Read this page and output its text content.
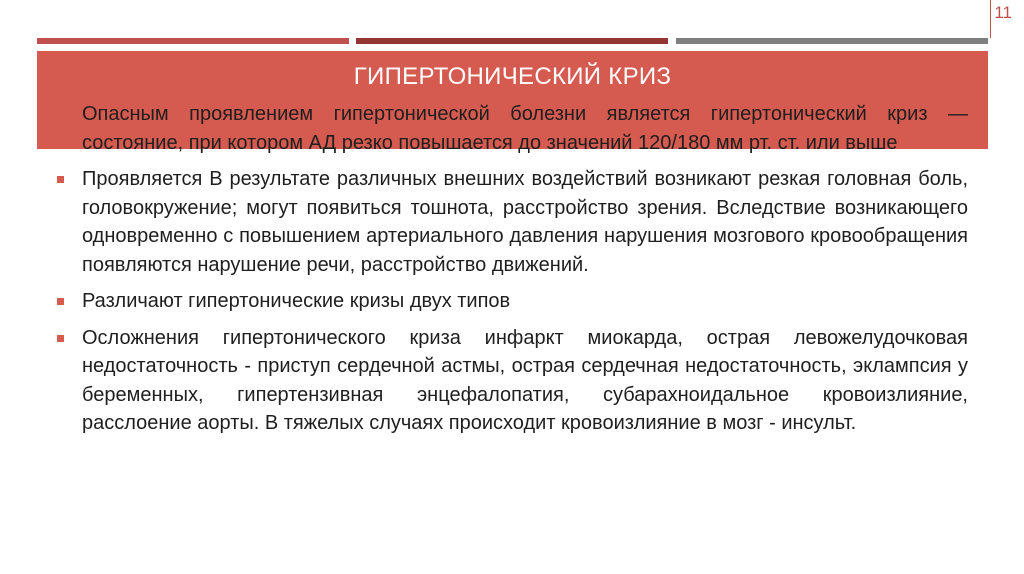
11
ГИПЕРТОНИЧЕСКИЙ КРИЗ
Опасным проявлением гипертонической болезни является гипертонический криз — состояние, при котором АД резко повышается до значений 120/180 мм рт. ст. или выше
Проявляется В результате различных внешних воздействий возникают резкая головная боль, головокружение; могут появиться тошнота, расстройство зрения. Вследствие возникающего одновременно с повышением артериального давления нарушения мозгового кровообращения появляются нарушение речи, расстройство движений.
Различают гипертонические кризы двух типов
Осложнения гипертонического криза инфаркт миокарда, острая левожелудочковая недостаточность - приступ сердечной астмы, острая сердечная недостаточность, эклампсия у беременных, гипертензивная энцефалопатия, субарахноидальное кровоизлияние, расслоение аорты. В тяжелых случаях происходит кровоизлияние в мозг - инсульт.
